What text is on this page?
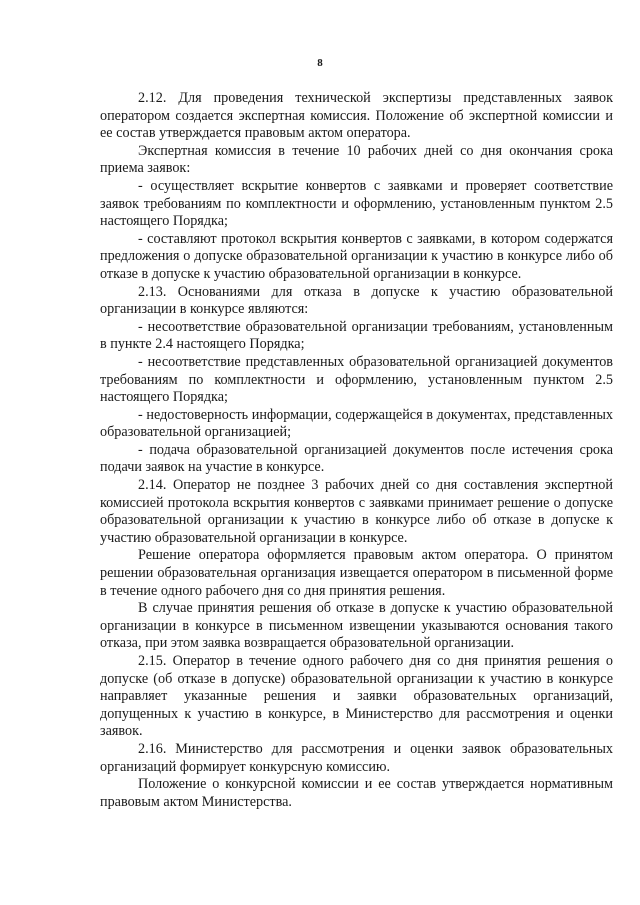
8

2.12. Для проведения технической экспертизы представленных заявок оператором создается экспертная комиссия. Положение об экспертной комиссии и ее состав утверждается правовым актом оператора.

Экспертная комиссия в течение 10 рабочих дней со дня окончания срока приема заявок:

- осуществляет вскрытие конвертов с заявками и проверяет соответствие заявок требованиям по комплектности и оформлению, установленным пунктом 2.5 настоящего Порядка;

- составляют протокол вскрытия конвертов с заявками, в котором содержатся предложения о допуске образовательной организации к участию в конкурсе либо об отказе в допуске к участию образовательной организации в конкурсе.

2.13. Основаниями для отказа в допуске к участию образовательной организации в конкурсе являются:

- несоответствие образовательной организации требованиям, установленным в пункте 2.4 настоящего Порядка;

- несоответствие представленных образовательной организацией документов требованиям по комплектности и оформлению, установленным пунктом 2.5 настоящего Порядка;

- недостоверность информации, содержащейся в документах, представленных образовательной организацией;

- подача образовательной организацией документов после истечения срока подачи заявок на участие в конкурсе.

2.14. Оператор не позднее 3 рабочих дней со дня составления экспертной комиссией протокола вскрытия конвертов с заявками принимает решение о допуске образовательной организации к участию в конкурсе либо об отказе в допуске к участию образовательной организации в конкурсе.

Решение оператора оформляется правовым актом оператора. О принятом решении образовательная организация извещается оператором в письменной форме в течение одного рабочего дня со дня принятия решения.

В случае принятия решения об отказе в допуске к участию образовательной организации в конкурсе в письменном извещении указываются основания такого отказа, при этом заявка возвращается образовательной организации.

2.15. Оператор в течение одного рабочего дня со дня принятия решения о допуске (об отказе в допуске) образовательной организации к участию в конкурсе направляет указанные решения и заявки образовательных организаций, допущенных к участию в конкурсе, в Министерство для рассмотрения и оценки заявок.

2.16. Министерство для рассмотрения и оценки заявок образовательных организаций формирует конкурсную комиссию.

Положение о конкурсной комиссии и ее состав утверждается нормативным правовым актом Министерства.
